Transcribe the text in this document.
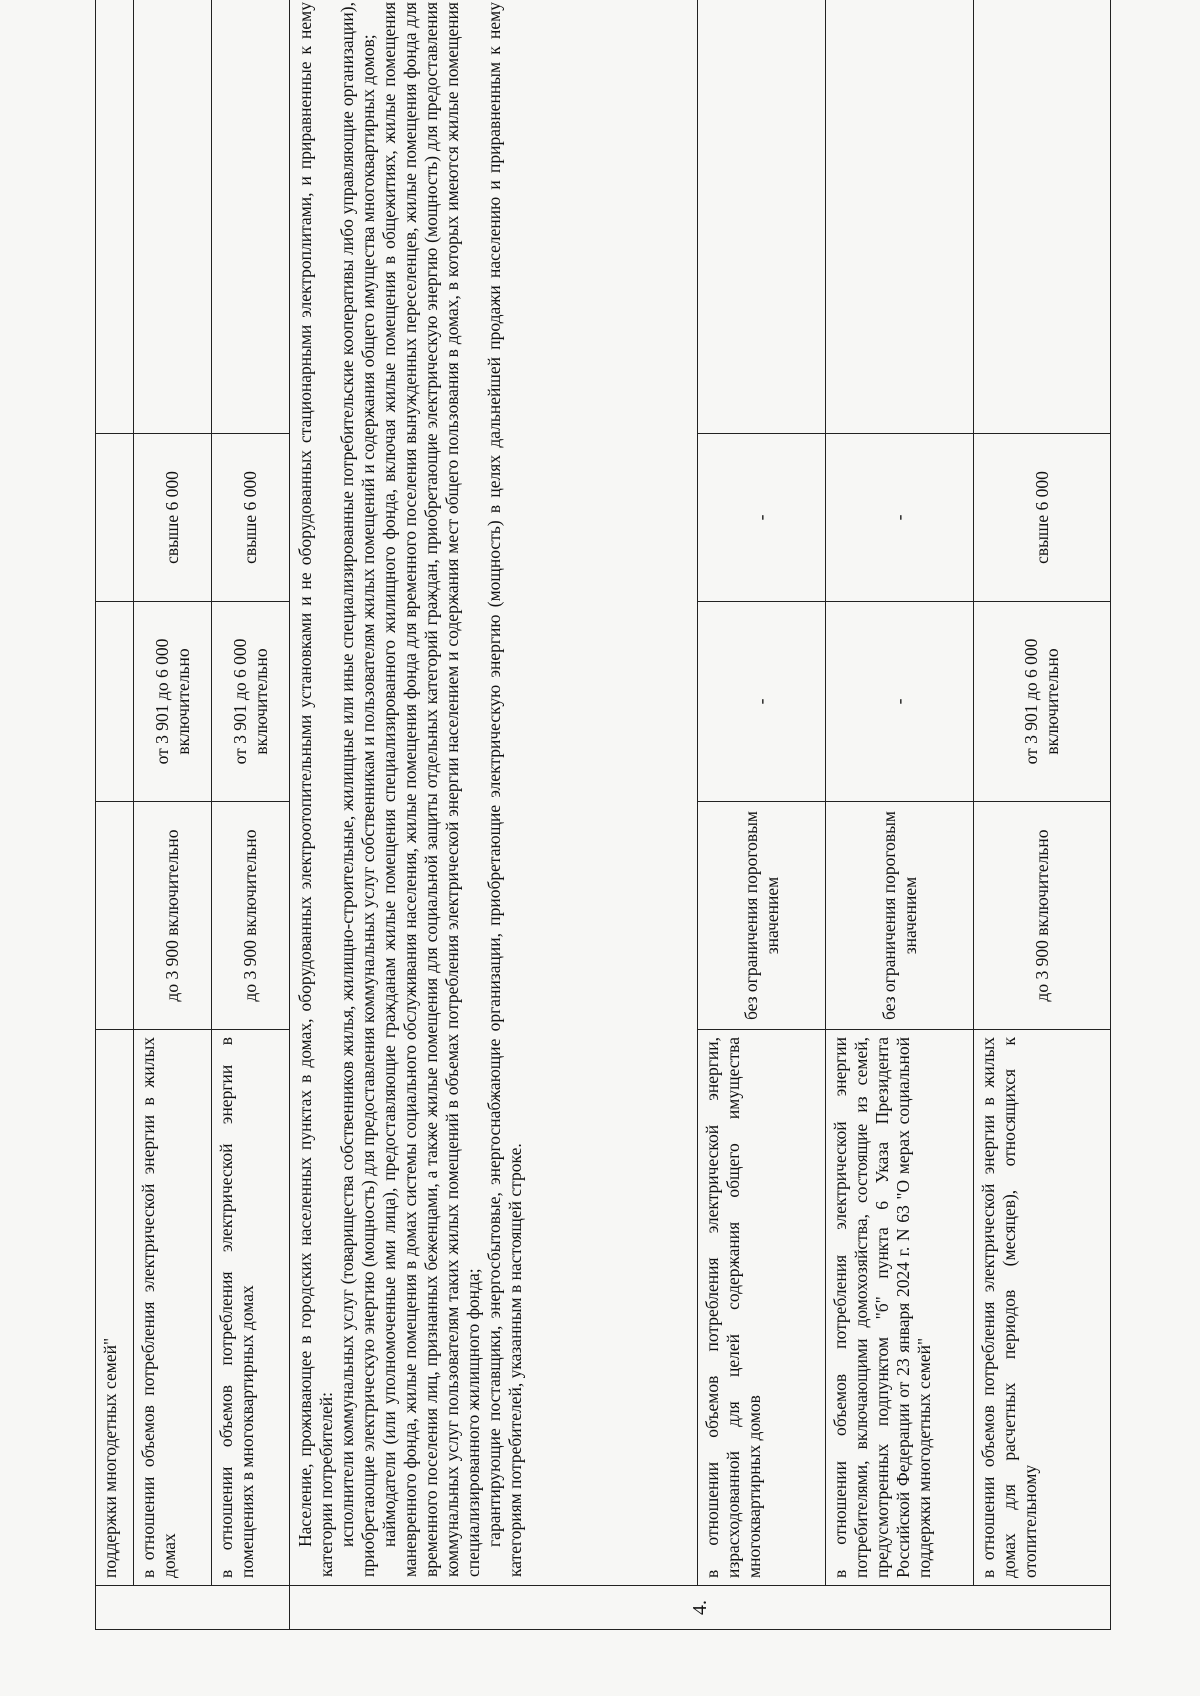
	поддержки многодетных семей"				
	в отношении объемов потребления электрической энергии в жилых домах	до 3 900 включительно	от 3 901 до 6 000 включительно	свыше 6 000	
	в отношении объемов потребления электрической энергии в помещениях в многоквартирных домах	до 3 900 включительно	от 3 901 до 6 000 включительно	свыше 6 000	
4.	Население, проживающее в городских населенных пунктах в домах, оборудованных электроотопительными установками и не оборудованных стационарными электроплитами, и приравненные к нему категории потребителей: исполнители коммунальных услуг (товарищества собственников жилья, жилищно-строительные, жилищные или иные специализированные потребительские кооперативы либо управляющие организации), приобретающие электрическую энергию (мощность) для предоставления коммунальных услуг собственникам и пользователям жилых помещений и содержания общего имущества многоквартирных домов; наймодатели (или уполномоченные ими лица), предоставляющие гражданам жилые помещения специализированного жилищного фонда, включая жилые помещения в общежитиях, жилые помещения маневренного фонда, жилые помещения в домах системы социального обслуживания населения, жилые помещения фонда для временного поселения вынужденных переселенцев, жилые помещения фонда для временного поселения лиц, признанных беженцами, а также жилые помещения для социальной защиты отдельных категорий граждан, приобретающие электрическую энергию (мощность) для предоставления коммунальных услуг пользователям таких жилых помещений в объемах потребления электрической энергии населением и содержания мест общего пользования в домах, в которых имеются жилые помещения специализированного жилищного фонда; гарантирующие поставщики, энергосбытовые, энергоснабжающие организации, приобретающие электрическую энергию (мощность) в целях дальнейшей продажи населению и приравненным к нему категориям потребителей, указанным в настоящей строке.				

	в отношении объемов потребления электрической энергии, израсходованной для целей содержания общего имущества многоквартирных домов	без ограничения пороговым значением	-	-	
	в отношении объемов потребления электрической энергии потребителями, включающими домохозяйства, состоящие из семей, предусмотренных подпунктом "б" пункта 6 Указа Президента Российской Федерации от 23 января 2024 г. N 63 "О мерах социальной поддержки многодетных семей"	без ограничения пороговым значением	-	-	
	в отношении объемов потребления электрической энергии в жилых домах для расчетных периодов (месяцев), относящихся к отопительному	до 3 900 включительно	от 3 901 до 6 000 включительно	свыше 6 000	
